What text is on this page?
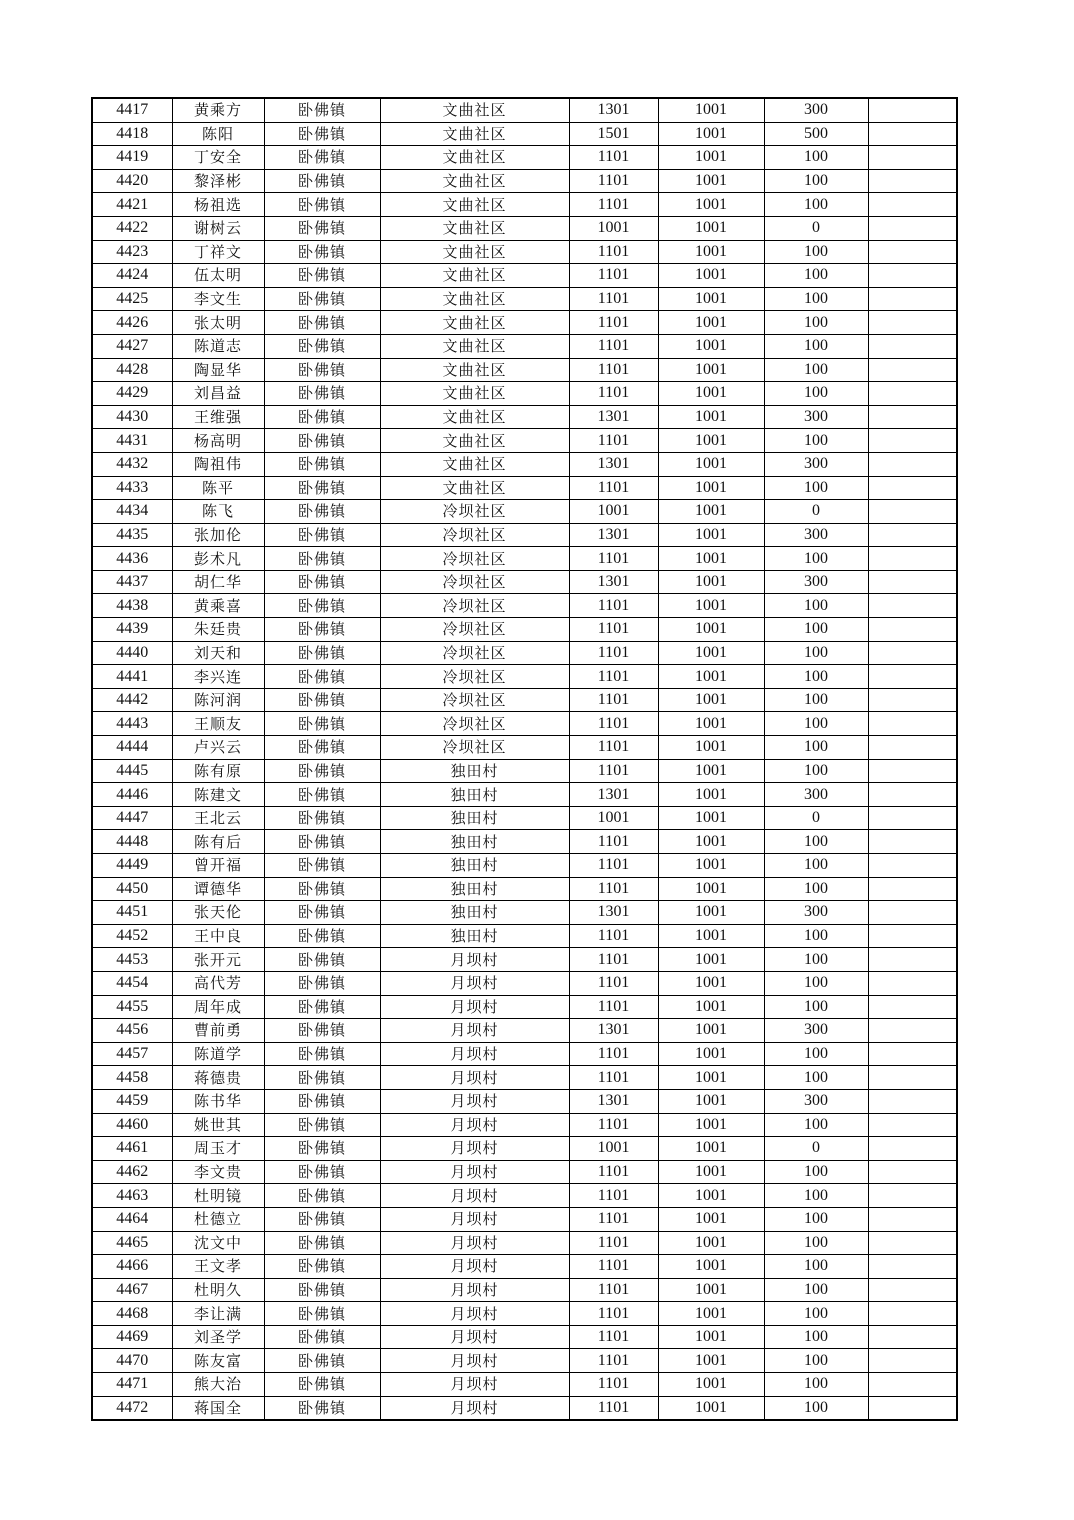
4417	黄乘方	卧佛镇	文曲社区	1301	1001	300	
4418	陈阳	卧佛镇	文曲社区	1501	1001	500	
4419	丁安全	卧佛镇	文曲社区	1101	1001	100	
4420	黎泽彬	卧佛镇	文曲社区	1101	1001	100	
4421	杨祖选	卧佛镇	文曲社区	1101	1001	100	
4422	谢树云	卧佛镇	文曲社区	1001	1001	0	
4423	丁祥文	卧佛镇	文曲社区	1101	1001	100	
4424	伍太明	卧佛镇	文曲社区	1101	1001	100	
4425	李文生	卧佛镇	文曲社区	1101	1001	100	
4426	张太明	卧佛镇	文曲社区	1101	1001	100	
4427	陈道志	卧佛镇	文曲社区	1101	1001	100	
4428	陶显华	卧佛镇	文曲社区	1101	1001	100	
4429	刘昌益	卧佛镇	文曲社区	1101	1001	100	
4430	王维强	卧佛镇	文曲社区	1301	1001	300	
4431	杨高明	卧佛镇	文曲社区	1101	1001	100	
4432	陶祖伟	卧佛镇	文曲社区	1301	1001	300	
4433	陈平	卧佛镇	文曲社区	1101	1001	100	
4434	陈飞	卧佛镇	冷坝社区	1001	1001	0	
4435	张加伦	卧佛镇	冷坝社区	1301	1001	300	
4436	彭术凡	卧佛镇	冷坝社区	1101	1001	100	
4437	胡仁华	卧佛镇	冷坝社区	1301	1001	300	
4438	黄乘喜	卧佛镇	冷坝社区	1101	1001	100	
4439	朱廷贵	卧佛镇	冷坝社区	1101	1001	100	
4440	刘天和	卧佛镇	冷坝社区	1101	1001	100	
4441	李兴连	卧佛镇	冷坝社区	1101	1001	100	
4442	陈河润	卧佛镇	冷坝社区	1101	1001	100	
4443	王顺友	卧佛镇	冷坝社区	1101	1001	100	
4444	卢兴云	卧佛镇	冷坝社区	1101	1001	100	
4445	陈有原	卧佛镇	独田村	1101	1001	100	
4446	陈建文	卧佛镇	独田村	1301	1001	300	
4447	王北云	卧佛镇	独田村	1001	1001	0	
4448	陈有后	卧佛镇	独田村	1101	1001	100	
4449	曾开福	卧佛镇	独田村	1101	1001	100	
4450	谭德华	卧佛镇	独田村	1101	1001	100	
4451	张天伦	卧佛镇	独田村	1301	1001	300	
4452	王中良	卧佛镇	独田村	1101	1001	100	
4453	张开元	卧佛镇	月坝村	1101	1001	100	
4454	高代芳	卧佛镇	月坝村	1101	1001	100	
4455	周年成	卧佛镇	月坝村	1101	1001	100	
4456	曹前勇	卧佛镇	月坝村	1301	1001	300	
4457	陈道学	卧佛镇	月坝村	1101	1001	100	
4458	蒋德贵	卧佛镇	月坝村	1101	1001	100	
4459	陈书华	卧佛镇	月坝村	1301	1001	300	
4460	姚世其	卧佛镇	月坝村	1101	1001	100	
4461	周玉才	卧佛镇	月坝村	1001	1001	0	
4462	李文贵	卧佛镇	月坝村	1101	1001	100	
4463	杜明镜	卧佛镇	月坝村	1101	1001	100	
4464	杜德立	卧佛镇	月坝村	1101	1001	100	
4465	沈文中	卧佛镇	月坝村	1101	1001	100	
4466	王文孝	卧佛镇	月坝村	1101	1001	100	
4467	杜明久	卧佛镇	月坝村	1101	1001	100	
4468	李让满	卧佛镇	月坝村	1101	1001	100	
4469	刘圣学	卧佛镇	月坝村	1101	1001	100	
4470	陈友富	卧佛镇	月坝村	1101	1001	100	
4471	熊大治	卧佛镇	月坝村	1101	1001	100	
4472	蒋国全	卧佛镇	月坝村	1101	1001	100	
